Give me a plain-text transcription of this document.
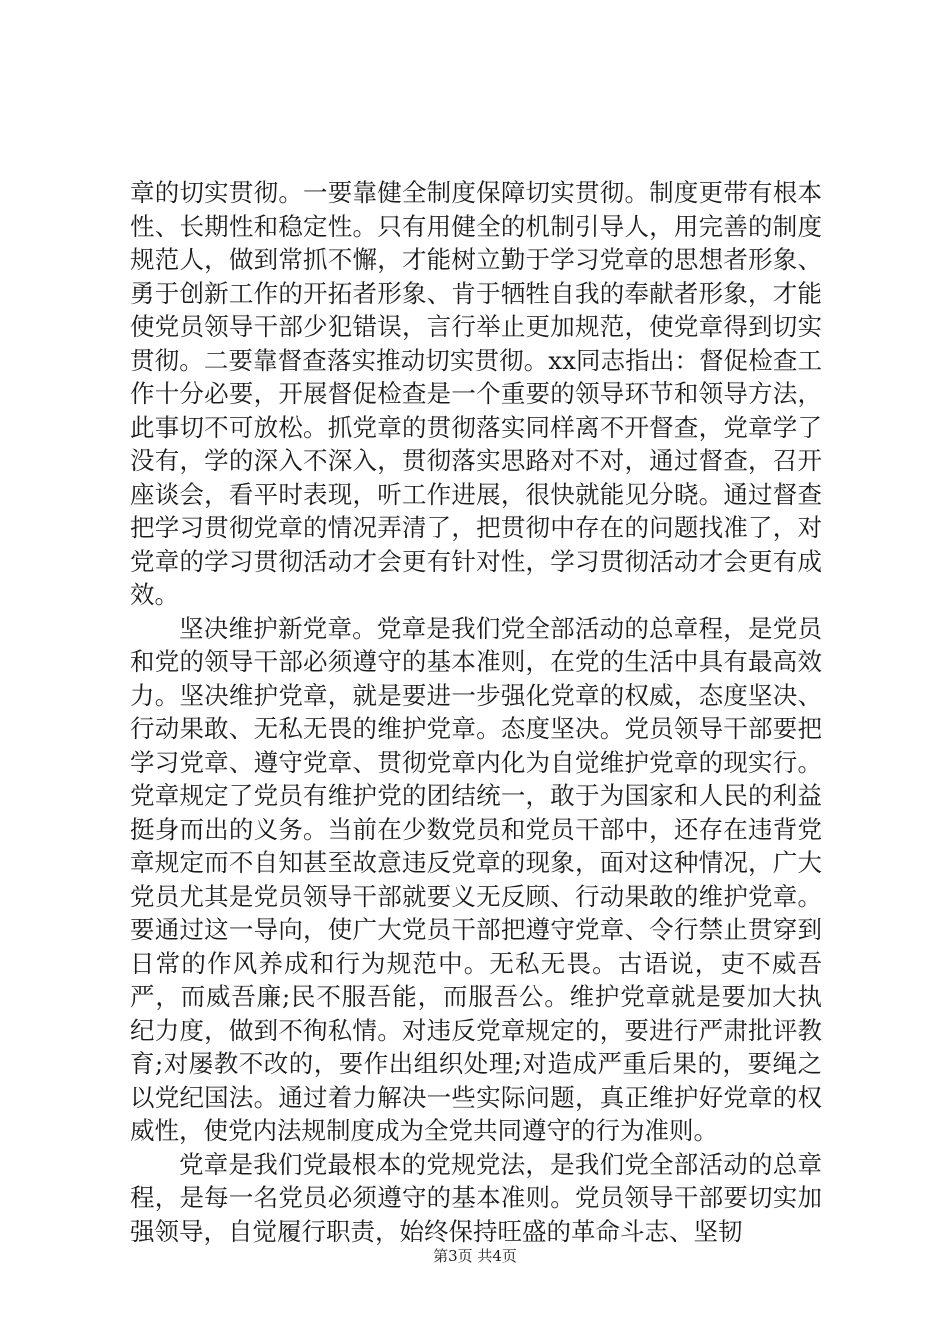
章的切实贯彻。一要靠健全制度保障切实贯彻。制度更带有根本性、长期性和稳定性。只有用健全的机制引导人，用完善的制度规范人，做到常抓不懈，才能树立勤于学习党章的思想者形象、勇于创新工作的开拓者形象、肯于牺牲自我的奉献者形象，才能使党员领导干部少犯错误，言行举止更加规范，使党章得到切实贯彻。二要靠督查落实推动切实贯彻。xx同志指出：督促检查工作十分必要，开展督促检查是一个重要的领导环节和领导方法，此事切不可放松。抓党章的贯彻落实同样离不开督查，党章学了没有，学的深入不深入，贯彻落实思路对不对，通过督查，召开座谈会，看平时表现，听工作进展，很快就能见分晓。通过督查把学习贯彻党章的情况弄清了，把贯彻中存在的问题找准了，对党章的学习贯彻活动才会更有针对性，学习贯彻活动才会更有成效。

坚决维护新党章。党章是我们党全部活动的总章程，是党员和党的领导干部必须遵守的基本准则，在党的生活中具有最高效力。坚决维护党章，就是要进一步强化党章的权威，态度坚决、行动果敢、无私无畏的维护党章。态度坚决。党员领导干部要把学习党章、遵守党章、贯彻党章内化为自觉维护党章的现实行。党章规定了党员有维护党的团结统一，敢于为国家和人民的利益挺身而出的义务。当前在少数党员和党员干部中，还存在违背党章规定而不自知甚至故意违反党章的现象，面对这种情况，广大党员尤其是党员领导干部就要义无反顾、行动果敢的维护党章。要通过这一导向，使广大党员干部把遵守党章、令行禁止贯穿到日常的作风养成和行为规范中。无私无畏。古语说，吏不威吾严，而威吾廉;民不服吾能，而服吾公。维护党章就是要加大执纪力度，做到不徇私情。对违反党章规定的，要进行严肃批评教育;对屡教不改的，要作出组织处理;对造成严重后果的，要绳之以党纪国法。通过着力解决一些实际问题，真正维护好党章的权威性，使党内法规制度成为全党共同遵守的行为准则。

党章是我们党最根本的党规党法，是我们党全部活动的总章程，是每一名党员必须遵守的基本准则。党员领导干部要切实加强领导，自觉履行职责，始终保持旺盛的革命斗志、坚韧

第3页 共4页
